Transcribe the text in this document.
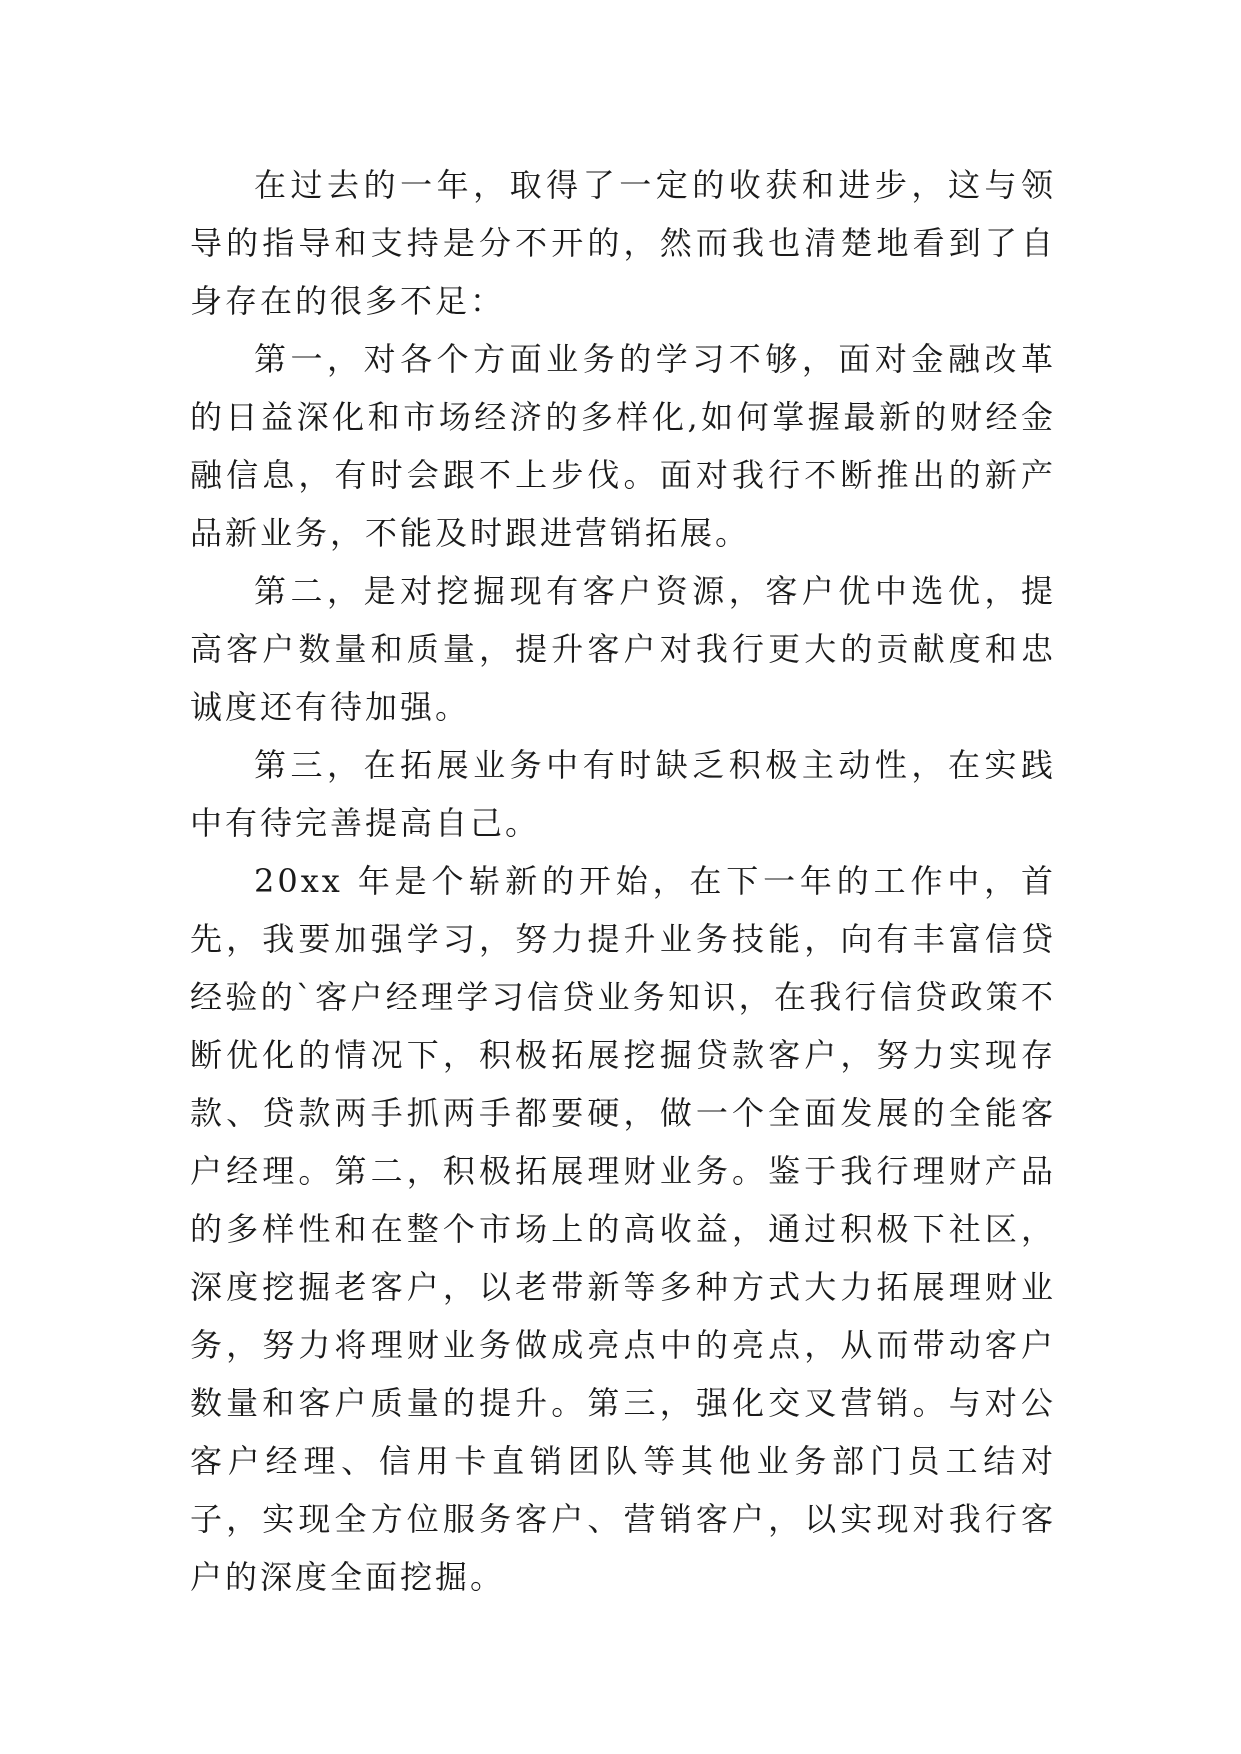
在过去的一年，取得了一定的收获和进步，这与领导的指导和支持是分不开的，然而我也清楚地看到了自身存在的很多不足：

第一，对各个方面业务的学习不够，面对金融改革的日益深化和市场经济的多样化,如何掌握最新的财经金融信息，有时会跟不上步伐。面对我行不断推出的新产品新业务，不能及时跟进营销拓展。

第二，是对挖掘现有客户资源，客户优中选优，提高客户数量和质量，提升客户对我行更大的贡献度和忠诚度还有待加强。

第三，在拓展业务中有时缺乏积极主动性，在实践中有待完善提高自己。

20xx 年是个崭新的开始，在下一年的工作中，首先，我要加强学习，努力提升业务技能，向有丰富信贷经验的`客户经理学习信贷业务知识，在我行信贷政策不断优化的情况下，积极拓展挖掘贷款客户，努力实现存款、贷款两手抓两手都要硬，做一个全面发展的全能客户经理。第二，积极拓展理财业务。鉴于我行理财产品的多样性和在整个市场上的高收益，通过积极下社区，深度挖掘老客户，以老带新等多种方式大力拓展理财业务，努力将理财业务做成亮点中的亮点，从而带动客户数量和客户质量的提升。第三，强化交叉营销。与对公客户经理、信用卡直销团队等其他业务部门员工结对子，实现全方位服务客户、营销客户，以实现对我行客户的深度全面挖掘。
